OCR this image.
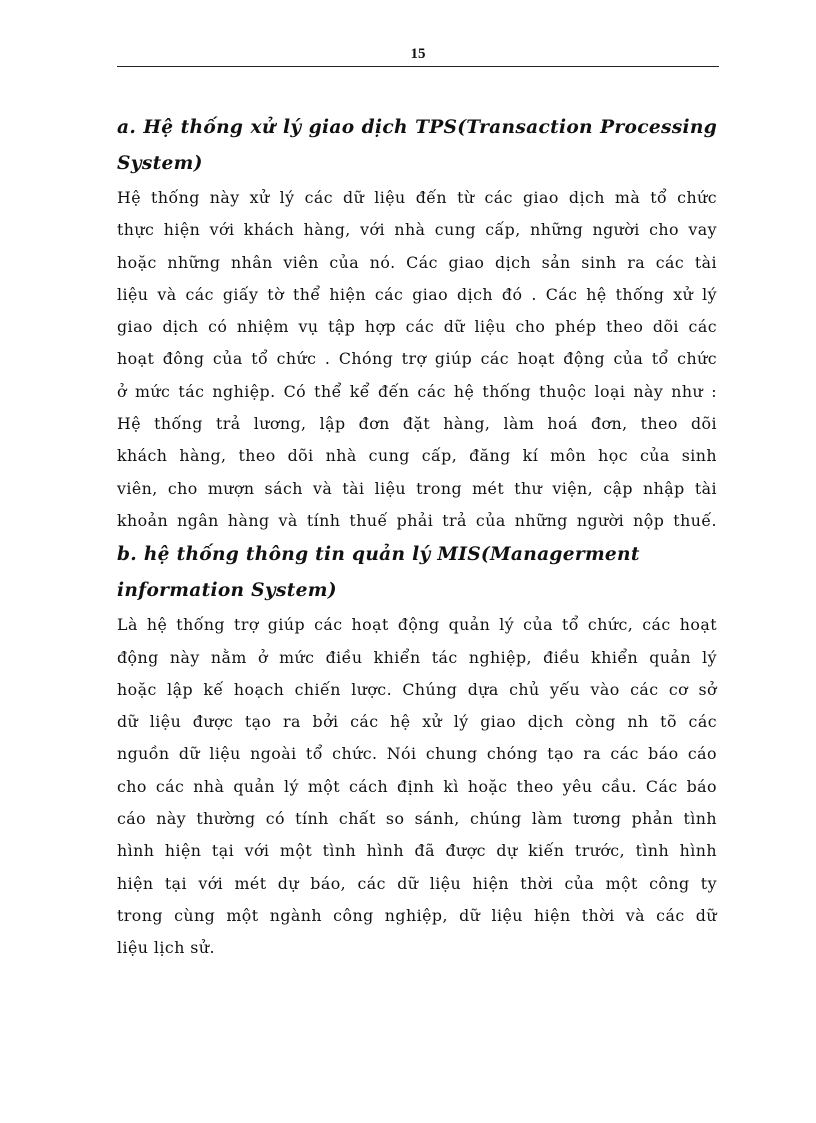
15
a. Hệ thống xử lý giao dịch TPS(Transaction Processing
System)
Hệ thống này xử lý các dữ liệu đến từ các giao dịch mà tổ chức
thực hiện với khách hàng, với nhà cung cấp, những người cho vay
hoặc những nhân viên của nó. Các giao dịch sản sinh ra các tài
liệu và các giấy tờ thể hiện các giao dịch đó . Các hệ thống xử lý
giao dịch có nhiệm vụ tập hợp các dữ liệu cho phép theo dõi các
hoạt đông của tổ chức . Chóng trợ giúp các hoạt động của tổ chức
ở mức tác nghiệp. Có thể kể đến các hệ thống thuộc loại này như :
Hệ thống trả lương, lập đơn đặt hàng, làm hoá đơn, theo dõi
khách hàng, theo dõi nhà cung cấp, đăng kí môn học của sinh
viên, cho mượn sách và tài liệu trong mét thư viện, cập nhập tài
khoản ngân hàng và tính thuế phải trả của những người nộp thuế.
b. hệ thống thông tin quản lý MIS(Managerment
information System)
Là hệ thống trợ giúp các hoạt động quản lý của tổ chức, các hoạt
động này nằm ở mức điều khiển tác nghiệp, điều khiển quản lý
hoặc lập kế hoạch chiến lược. Chúng dựa chủ yếu vào các cơ sở
dữ liệu được tạo ra bởi các hệ xử lý giao dịch còng nh tõ các
nguồn dữ liệu ngoài tổ chức. Nói chung chóng tạo ra các báo cáo
cho các nhà quản lý một cách định kì hoặc theo yêu cầu. Các báo
cáo này thường có tính chất so sánh, chúng làm tương phản tình
hình hiện tại với một tình hình đã được dự kiến trước, tình hình
hiện tại với mét dự báo, các dữ liệu hiện thời của một công ty
trong cùng một ngành công nghiệp, dữ liệu hiện thời và các dữ
liệu lịch sử.
